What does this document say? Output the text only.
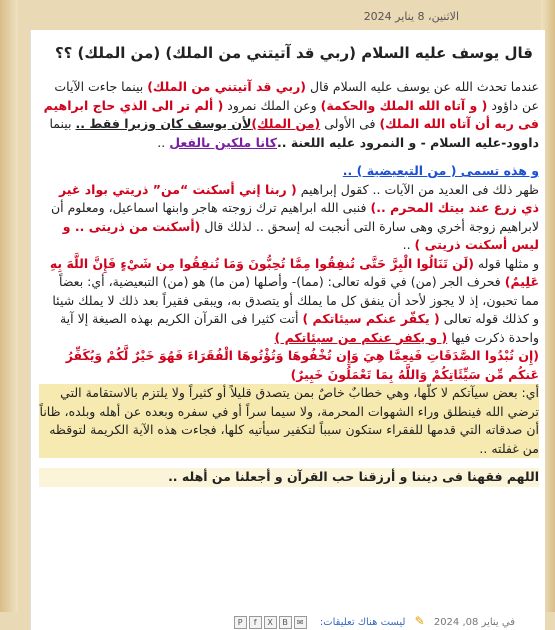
الاثنين، 8 يناير 2024
قال يوسف عليه السلام (ربي قد آتيتني من الملك) (من الملك) ؟؟

عندما تحدث الله عن يوسف عليه السلام قال (ربي قد آتيتني من الملك) بينما جاءت الآيات عن داؤود ( و آتاه الله الملك والحكمة) وعن الملك نمرود ( ألم تر الى الذي حاج ابراهيم فى ربه أن آتاه الله الملك) فى الأولى (من الملك)لأن يوسف كان وزيرا فقط .. بينما داوود-عليه السلام - و النمرود عليه اللعنة ..كانا ملكين بالفعل ..

و هذه تسمى ( من التبعيضية ) ..

ظهر ذلك فى العديد من الآيات .. كقول إبراهيم ( ربنا إني أسكنت “من” ذريتي بواد غير ذي زرع عند بيتك المحرم ..) فنبى الله ابراهيم ترك زوجته هاجر وابنها اسماعيل، ومعلوم أن لابراهيم زوجة أخري وهى سارة التى أنجبت له إسحق .. لذلك قال (أسكنت من ذريتى .. و ليس أسكنت ذريتى ) ..

و مثلها قوله (لَن تَنَالُوا الْبِرَّ حَتَّى تُنفِقُوا مِمَّا تُحِبُّونَ وَمَا تُنفِقُوا مِن شَيْءٍ فَإِنَّ اللَّهَ بِهِ عَلِيمٌ) فحرف الجر (من) في قوله تعالى: (مما)- وأصلها (من ما) هو (من) التبعيضية، أي: بعضاً مما تحبون، إذ لا يجوز لأحد أن ينفق كل ما يملك أو يتصدق به، ويبقى فقيراً بعد ذلك لا يملك شيئا

و كذلك قوله تعالى ( يكفّر عنكم سيئاتكم ) أتت كثيرا فى القرآن الكريم بهذه الصيغة إلا آية واحدة ذكرت فيها ( و يكفر عنكم من سيئاتكم )

(إِن تُبْدُوا الصَّدَقَاتِ فَنِعِمَّا هِيَ وَإِن تُخْفُوهَا وَتُؤْتُوهَا الْفُقَرَاءَ فَهُوَ خَيْرٌ لَّكُمْ وَيُكَفِّرُ عَنكُم مِّن سَيِّئَاتِكُمْ وَاللَّهُ بِمَا تَعْمَلُونَ خَبِيرٌ)

أي: بعض سيآتكم لا كلّها، وهي خطابٌ خاصٌ بمن يتصدق قليلاً أو كثيراً ولا يلتزم بالاستقامة التي ترضي الله فينطلق وراء الشهوات المحرمة، ولا سيما سراً أو في سفره وبعده عن أهله وبلده، ظاناً أن صدقاته التي قدمها للفقراء ستكون سبباً لتكفير سيأتيه كلها، فجاءت هذه الآية الكريمة لتوقظه من غفلته ..

اللهم فقهنا فى ديننا و أرزقنا حب القرآن و أجعلنا من أهله ..

في يناير 08, 2024 ✎ ليست هناك تعليقات: ✉BXfP
